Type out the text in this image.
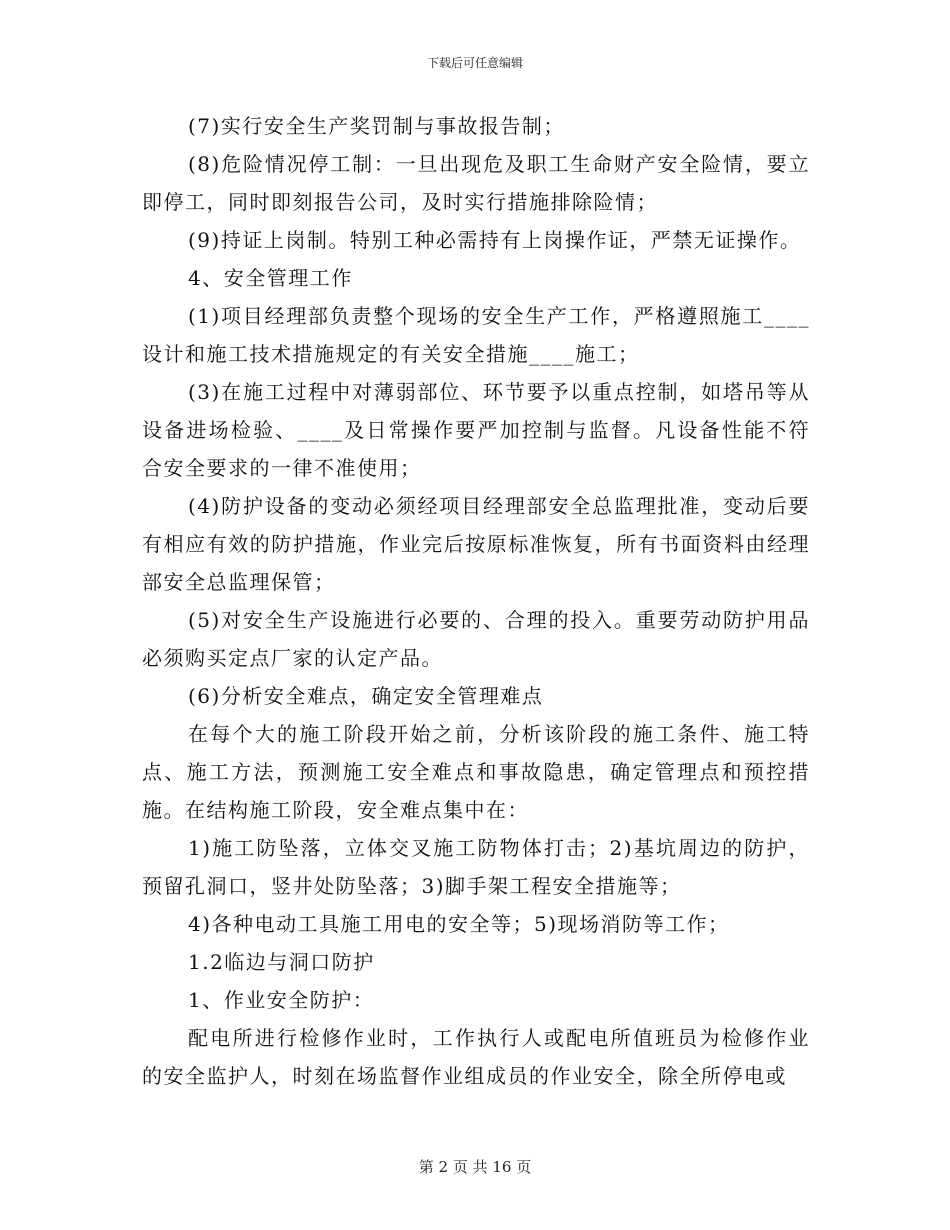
下载后可任意编辑

(7)实行安全生产奖罚制与事故报告制；

(8)危险情况停工制：一旦出现危及职工生命财产安全险情，要立即停工，同时即刻报告公司，及时实行措施排除险情；

(9)持证上岗制。特别工种必需持有上岗操作证，严禁无证操作。

4、安全管理工作

(1)项目经理部负责整个现场的安全生产工作，严格遵照施工____设计和施工技术措施规定的有关安全措施____施工；

(3)在施工过程中对薄弱部位、环节要予以重点控制，如塔吊等从设备进场检验、____及日常操作要严加控制与监督。凡设备性能不符合安全要求的一律不准使用；

(4)防护设备的变动必须经项目经理部安全总监理批准，变动后要有相应有效的防护措施，作业完后按原标准恢复，所有书面资料由经理部安全总监理保管；

(5)对安全生产设施进行必要的、合理的投入。重要劳动防护用品必须购买定点厂家的认定产品。

(6)分析安全难点，确定安全管理难点

在每个大的施工阶段开始之前，分析该阶段的施工条件、施工特点、施工方法，预测施工安全难点和事故隐患，确定管理点和预控措施。在结构施工阶段，安全难点集中在：

1)施工防坠落，立体交叉施工防物体打击；2)基坑周边的防护，预留孔洞口，竖井处防坠落；3)脚手架工程安全措施等；

4)各种电动工具施工用电的安全等；5)现场消防等工作；

1.2临边与洞口防护

1、作业安全防护：

配电所进行检修作业时，工作执行人或配电所值班员为检修作业的安全监护人，时刻在场监督作业组成员的作业安全，除全所停电或

第 2 页 共 16 页
